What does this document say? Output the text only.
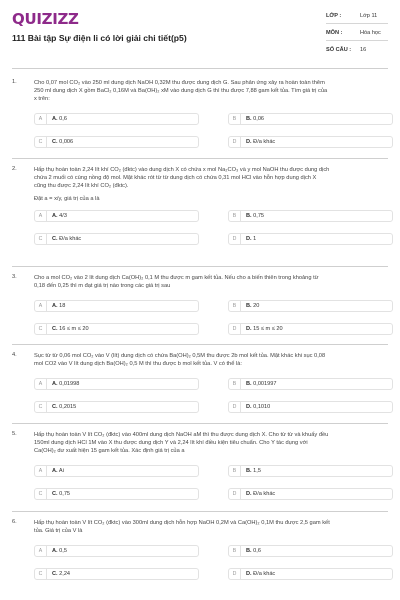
QUIZIZZ
111 Bài tập Sự điện li có lời giải chi tiết(p5)
LỚP :	Lớp 11
MÔN :	Hóa học
SỐ CÂU : 16
1.	Cho 0,07 mol CO₂ vào 250 ml dung dịch NaOH 0,32M thu được dung dịch G. Sau phản ứng xảy ra hoàn toàn thêm
250 ml dung dịch X gồm BaCl₂ 0,16M và Ba(OH)₂ xM vào dung dịch G thì thu được 7,88 gam kết tủa. Tìm giá trị của
x trên:
A	A. 0,6	B	B. 0,06
C	C. 0,006	D	D. Đ/a khác
2.	Hấp thụ hoàn toàn 2,24 lít khí CO₂ (đktc) vào dung dịch X có chứa x mol Na₂CO₃ và y mol NaOH thu được dung dịch
chứa 2 muối có cùng nồng độ mol. Mặt khác rót từ từ dung dịch có chứa 0,31 mol HCl vào hỗn hợp dung dịch X
cũng thu được 2,24 lít khí CO₂ (đktc).
Đặt a = x/y, giá trị của a là
A	A. 4/3	B	B. 0,75
C	C. Đ/a khác	D	D. 1
3.	Cho a mol CO₂ vào 2 lít dung dịch Ca(OH)₂ 0,1 M thu được m gam kết tủa. Nếu cho a biến thiên trong khoảng từ
0,18 đến 0,25 thì m đạt giá trị nào trong các giá trị sau
A	A. 18	B	B. 20
C	C. 16 ≤ m ≤ 20	D	D. 15 ≤ m ≤ 20
4.	Sục từ từ 0,06 mol CO₂ vào V (lít) dung dịch có chứa Ba(OH)₂ 0,5M thu được 2b mol kết tủa. Mặt khác khi sục 0,08
mol CO2 vào V lít dung dịch Ba(OH)₂ 0,5 M thì thu được b mol kết tủa. V có thể là:
A	A. 0,01998	B	B. 0,001997
C	C. 0,2015	D	D. 0,1010
5.	Hấp thụ hoàn toàn V lít CO₂ (đktc) vào 400ml dung dịch NaOH aM thì thu được dung dịch X. Cho từ từ và khuấy đều
150ml dung dịch HCl 1M vào X thu được dung dịch Y và 2,24 lít khí điều kiện tiêu chuẩn. Cho Y tác dụng với
Ca(OH)₂ dư xuất hiện 15 gam kết tủa. Xác định giá trị của a
A	A. Ai	B	B. 1,5
C	C. 0,75	D	D. Đ/a khác
6.	Hấp thụ hoàn toàn V lít CO₂ (đktc) vào 300ml dung dịch hỗn hợp NaOH 0,2M và Ca(OH)₂ 0,1M thu được 2,5 gam kết
tủa. Giá trị của V là
A	A. 0,5	B	B. 0,6
C	C. 2,24	D	D. Đ/a khác
